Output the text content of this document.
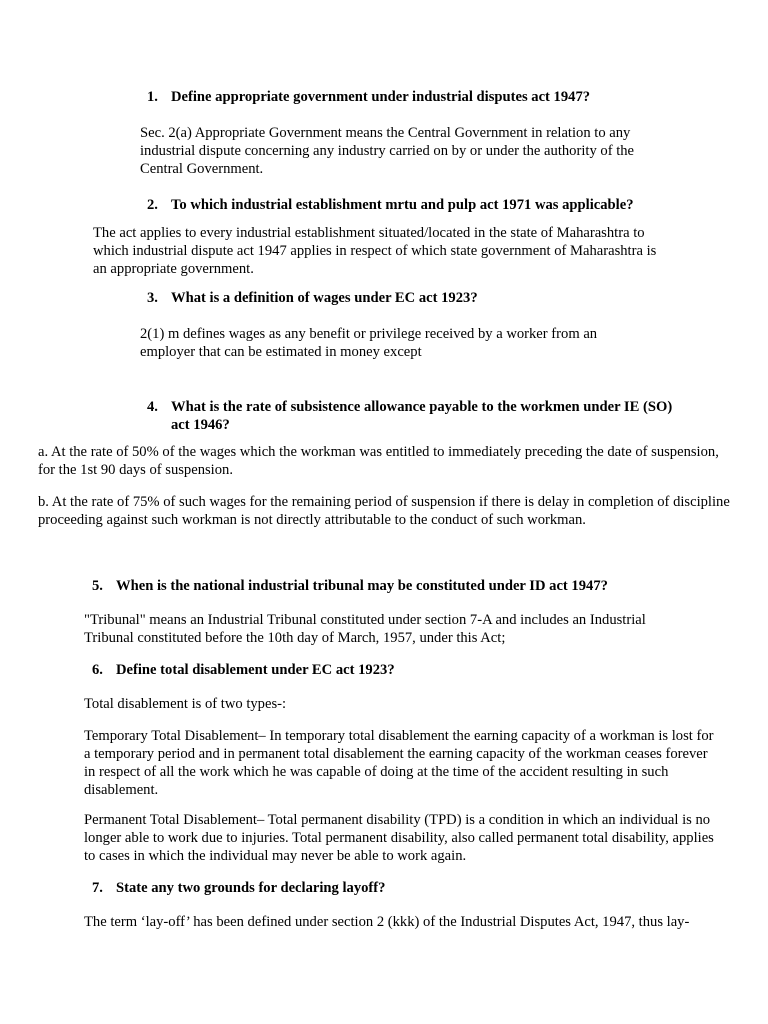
1. Define appropriate government under industrial disputes act 1947?

Sec. 2(a) Appropriate Government means the Central Government in relation to any industrial dispute concerning any industry carried on by or under the authority of the Central Government.

2. To which industrial establishment mrtu and pulp act 1971 was applicable?

The act applies to every industrial establishment situated/located in the state of Maharashtra to which industrial dispute act 1947 applies in respect of which state government of Maharashtra is an appropriate government.

3. What is a definition of wages under EC act 1923?

2(1) m defines wages as any benefit or privilege received by a worker from an employer that can be estimated in money except

4. What is the rate of subsistence allowance payable to the workmen under IE (SO) act 1946?

a. At the rate of 50% of the wages which the workman was entitled to immediately preceding the date of suspension, for the 1st 90 days of suspension.

b. At the rate of 75% of such wages for the remaining period of suspension if there is delay in completion of discipline proceeding against such workman is not directly attributable to the conduct of such workman.

5. When is the national industrial tribunal may be constituted under ID act 1947?

"Tribunal" means an Industrial Tribunal constituted under section 7-A and includes an Industrial Tribunal constituted before the 10th day of March, 1957, under this Act;

6. Define total disablement under EC act 1923?

Total disablement is of two types-:

Temporary Total Disablement– In temporary total disablement the earning capacity of a workman is lost for a temporary period and in permanent total disablement the earning capacity of the workman ceases forever in respect of all the work which he was capable of doing at the time of the accident resulting in such disablement.

Permanent Total Disablement– Total permanent disability (TPD) is a condition in which an individual is no longer able to work due to injuries. Total permanent disability, also called permanent total disability, applies to cases in which the individual may never be able to work again.

7. State any two grounds for declaring layoff?

The term ‘lay-off’ has been defined under section 2 (kkk) of the Industrial Disputes Act, 1947, thus lay-
